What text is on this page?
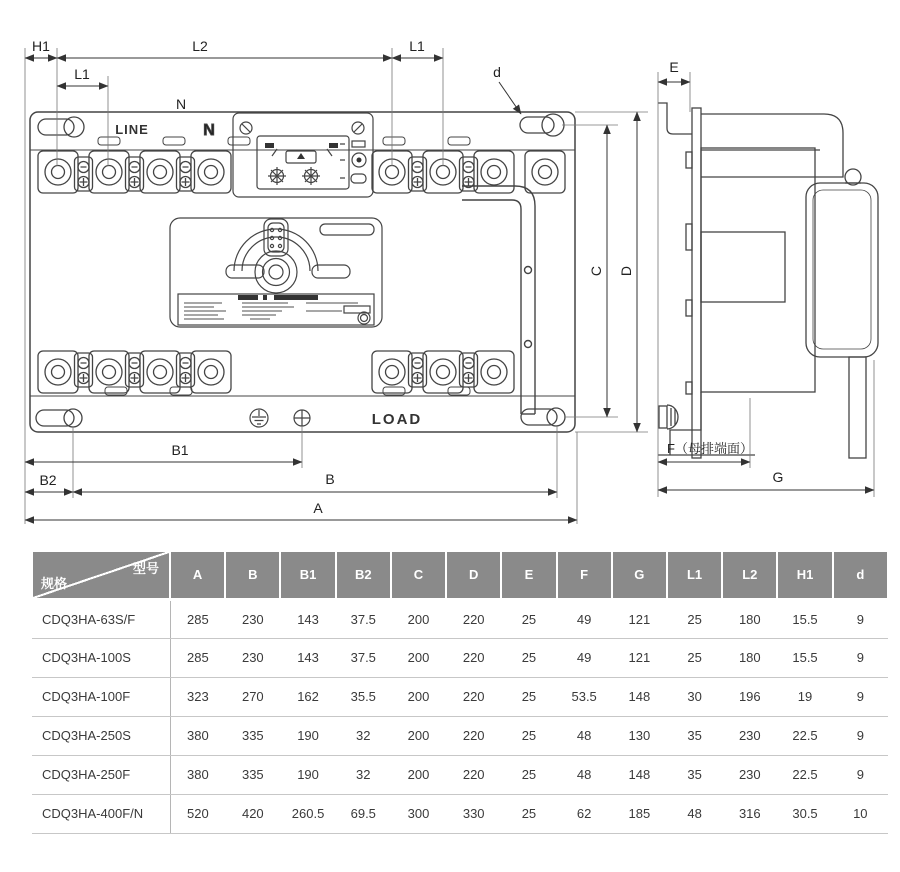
LINE
N
N
LOAD
H1	L2	L1
L1	d
B1
B2	B
A
C D
E
F（母排端面）
G
型号
规格	A	B	B1	B2	C	D	E	F	G	L1	L2	H1	d
CDQ3HA-63S/F	285	230	143	37.5	200	220	25	49	121	25	180	15.5	9
CDQ3HA-100S	285	230	143	37.5	200	220	25	49	121	25	180	15.5	9
CDQ3HA-100F	323	270	162	35.5	200	220	25	53.5	148	30	196	19	9
CDQ3HA-250S	380	335	190	32	200	220	25	48	130	35	230	22.5	9
CDQ3HA-250F	380	335	190	32	200	220	25	48	148	35	230	22.5	9
CDQ3HA-400F/N	520	420	260.5	69.5	300	330	25	62	185	48	316	30.5	10
